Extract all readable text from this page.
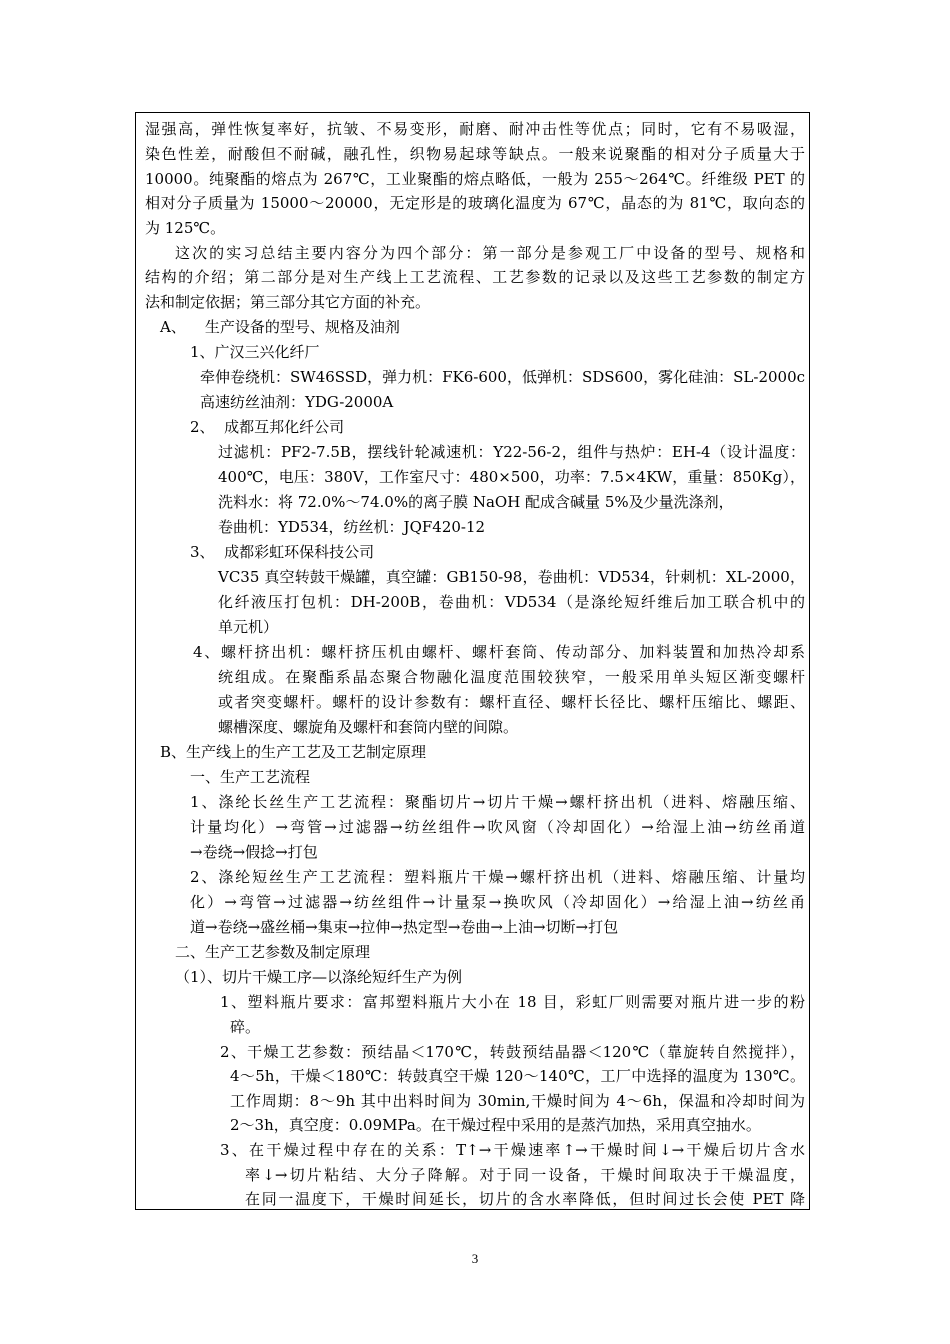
湿强高，弹性恢复率好，抗皱、不易变形，耐磨、耐冲击性等优点；同时，它有不易吸湿，
染色性差，耐酸但不耐碱，融孔性，织物易起球等缺点。一般来说聚酯的相对分子质量大于
10000。纯聚酯的熔点为 267℃，工业聚酯的熔点略低，一般为 255～264℃。纤维级 PET 的
相对分子质量为 15000～20000，无定形是的玻璃化温度为 67℃，晶态的为 81℃，取向态的
为 125℃。
这次的实习总结主要内容分为四个部分：第一部分是参观工厂中设备的型号、规格和
结构的介绍；第二部分是对生产线上工艺流程、工艺参数的记录以及这些工艺参数的制定方
法和制定依据；第三部分其它方面的补充。
A、    生产设备的型号、规格及油剂
1、广汉三兴化纤厂
牵伸卷绕机：SW46SSD，弹力机：FK6-600，低弹机：SDS600，雾化硅油：SL-2000c
高速纺丝油剂：YDG-2000A
2、  成都互邦化纤公司
过滤机：PF2-7.5B，摆线针轮减速机：Y22-56-2，组件与热炉：EH-4（设计温度：
400℃，电压：380V，工作室尺寸：480×500，功率：7.5×4KW，重量：850Kg），
洗料水：将 72.0%～74.0%的离子膜 NaOH 配成含碱量 5%及少量洗涤剂，
卷曲机：YD534，纺丝机：JQF420-12
3、  成都彩虹环保科技公司
VC35 真空转鼓干燥罐，真空罐：GB150-98，卷曲机：VD534，针刺机：XL-2000，
化纤液压打包机：DH-200B，卷曲机：VD534（是涤纶短纤维后加工联合机中的
单元机）
4、螺杆挤出机：螺杆挤压机由螺杆、螺杆套筒、传动部分、加料装置和加热冷却系
统组成。在聚酯系晶态聚合物融化温度范围较狭窄，一般采用单头短区渐变螺杆
或者突变螺杆。螺杆的设计参数有：螺杆直径、螺杆长径比、螺杆压缩比、螺距、
螺槽深度、螺旋角及螺杆和套筒内壁的间隙。
B、生产线上的生产工艺及工艺制定原理
一、生产工艺流程
1、涤纶长丝生产工艺流程：聚酯切片→切片干燥→螺杆挤出机（进料、熔融压缩、
计量均化）→弯管→过滤器→纺丝组件→吹风窗（冷却固化）→给湿上油→纺丝甬道
→卷绕→假捻→打包
2、涤纶短丝生产工艺流程：塑料瓶片干燥→螺杆挤出机（进料、熔融压缩、计量均
化）→弯管→过滤器→纺丝组件→计量泵→换吹风（冷却固化）→给湿上油→纺丝甬
道→卷绕→盛丝桶→集束→拉伸→热定型→卷曲→上油→切断→打包
二、生产工艺参数及制定原理
（1）、切片干燥工序—以涤纶短纤生产为例
1、塑料瓶片要求：富邦塑料瓶片大小在 18 目，彩虹厂则需要对瓶片进一步的粉
碎。
2、干燥工艺参数：预结晶＜170℃，转鼓预结晶器＜120℃（靠旋转自然搅拌），
4～5h，干燥＜180℃：转鼓真空干燥 120～140℃，工厂中选择的温度为 130℃。
工作周期：8～9h 其中出料时间为 30min,干燥时间为 4～6h，保温和冷却时间为
2～3h，真空度：0.09MPa。在干燥过程中采用的是蒸汽加热，采用真空抽水。
3、在干燥过程中存在的关系：T↑→干燥速率↑→干燥时间↓→干燥后切片含水
率↓→切片粘结、大分子降解。对于同一设备，干燥时间取决于干燥温度，
在同一温度下，干燥时间延长，切片的含水率降低，但时间过长会使 PET 降
3
